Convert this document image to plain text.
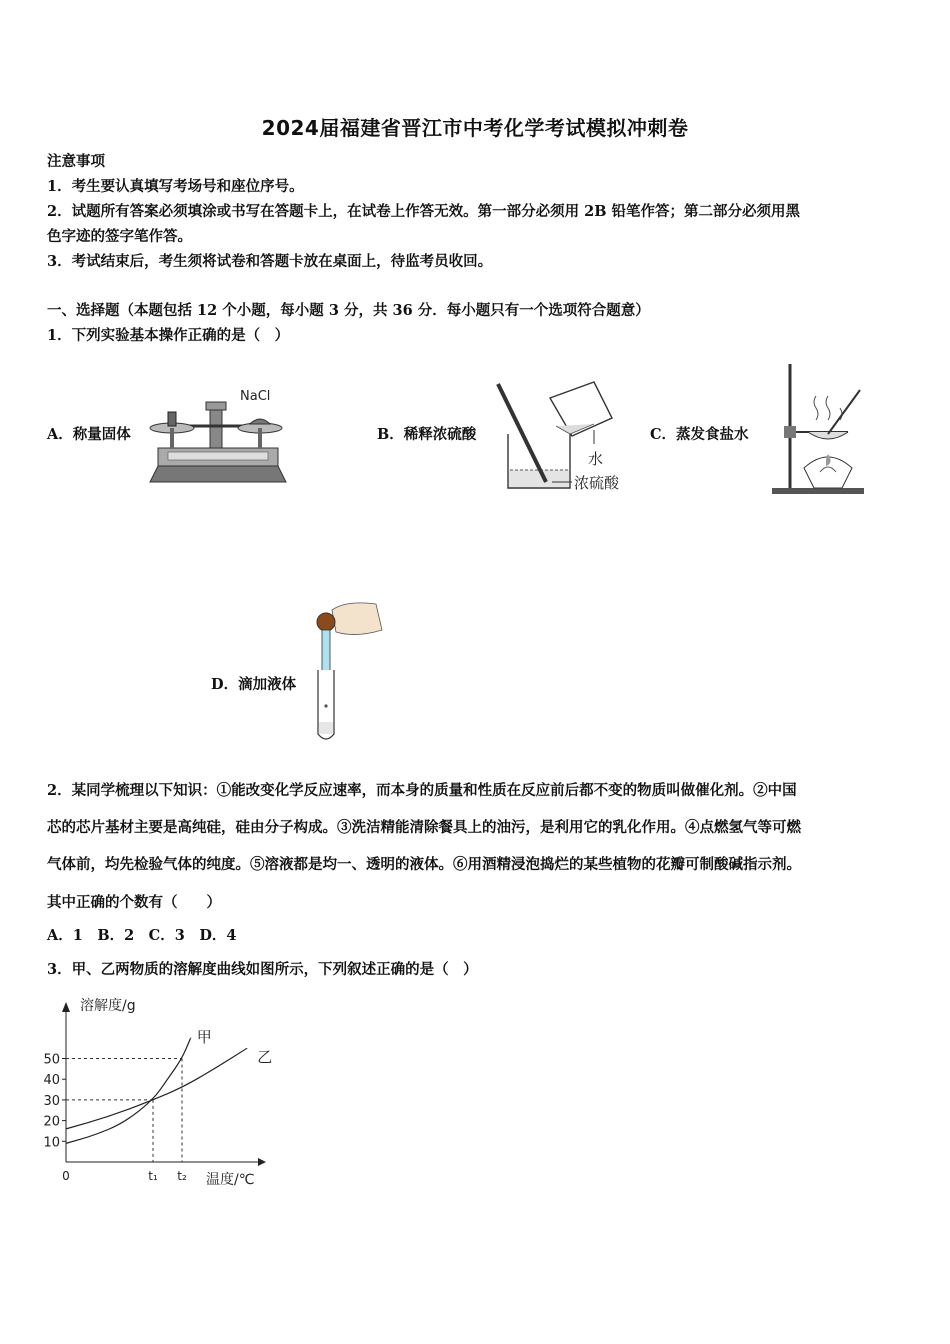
2024届福建省晋江市中考化学考试模拟冲刺卷
注意事项
1．考生要认真填写考场号和座位序号。
2．试题所有答案必须填涂或书写在答题卡上，在试卷上作答无效。第一部分必须用 2B 铅笔作答；第二部分必须用黑
色字迹的签字笔作答。
3．考试结束后，考生须将试卷和答题卡放在桌面上，待监考员收回。
一、选择题（本题包括 12 个小题，每小题 3 分，共 36 分．每小题只有一个选项符合题意）
1．下列实验基本操作正确的是（　）
A．称量固体
NaCl
B．稀释浓硫酸
水
浓硫酸
C．蒸发食盐水
D．滴加液体
2．某同学梳理以下知识：①能改变化学反应速率，而本身的质量和性质在反应前后都不变的物质叫做催化剂。②中国
芯的芯片基材主要是高纯硅，硅由分子构成。③洗洁精能清除餐具上的油污，是利用它的乳化作用。④点燃氢气等可燃
气体前，均先检验气体的纯度。⑤溶液都是均一、透明的液体。⑥用酒精浸泡捣烂的某些植物的花瓣可制酸碱指示剂。
其中正确的个数有（　　）
A．1　B．2　C．3　D．4
3．甲、乙两物质的溶解度曲线如图所示，下列叙述正确的是（　）
溶解度/g
温度/℃
0
10
20
30
40
50
t₁ t₂
甲
乙
